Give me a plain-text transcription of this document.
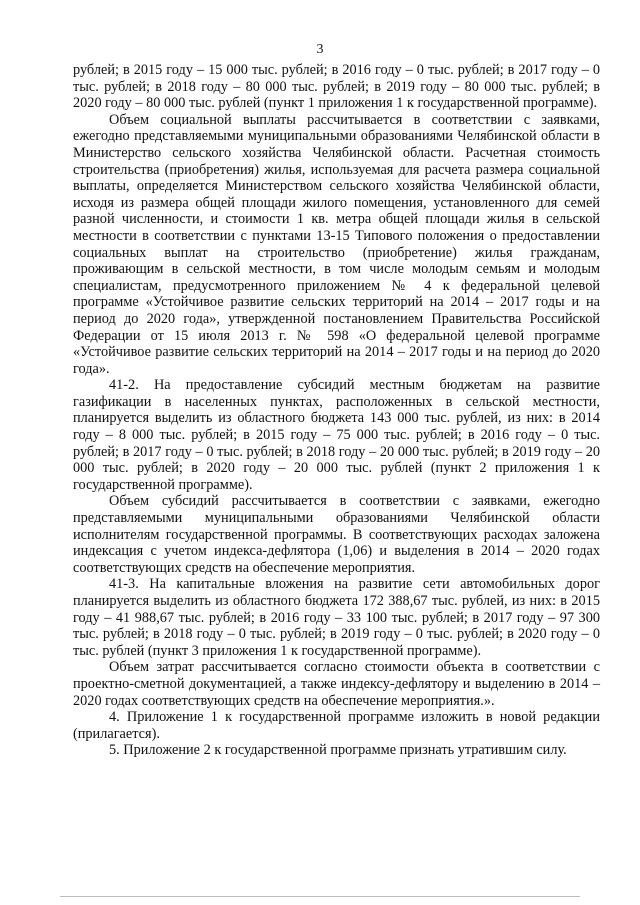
3

рублей; в 2015 году – 15 000 тыс. рублей; в 2016 году – 0 тыс. рублей; в 2017 году – 0 тыс. рублей; в 2018 году – 80 000 тыс. рублей; в 2019 году – 80 000 тыс. рублей; в 2020 году – 80 000 тыс. рублей (пункт 1 приложения 1 к государственной программе).

Объем социальной выплаты рассчитывается в соответствии с заявками, ежегодно представляемыми муниципальными образованиями Челябинской области в Министерство сельского хозяйства Челябинской области. Расчетная стоимость строительства (приобретения) жилья, используемая для расчета размера социальной выплаты, определяется Министерством сельского хозяйства Челябинской области, исходя из размера общей площади жилого помещения, установленного для семей разной численности, и стоимости 1 кв. метра общей площади жилья в сельской местности в соответствии с пунктами 13-15 Типового положения о предоставлении социальных выплат на строительство (приобретение) жилья гражданам, проживающим в сельской местности, в том числе молодым семьям и молодым специалистам, предусмотренного приложением № 4 к федеральной целевой программе «Устойчивое развитие сельских территорий на 2014 – 2017 годы и на период до 2020 года», утвержденной постановлением Правительства Российской Федерации от 15 июля 2013 г. № 598 «О федеральной целевой программе «Устойчивое развитие сельских территорий на 2014 – 2017 годы и на период до 2020 года».

41-2. На предоставление субсидий местным бюджетам на развитие газификации в населенных пунктах, расположенных в сельской местности, планируется выделить из областного бюджета 143 000 тыс. рублей, из них: в 2014 году – 8 000 тыс. рублей; в 2015 году – 75 000 тыс. рублей; в 2016 году – 0 тыс. рублей; в 2017 году – 0 тыс. рублей; в 2018 году – 20 000 тыс. рублей; в 2019 году – 20 000 тыс. рублей; в 2020 году – 20 000 тыс. рублей (пункт 2 приложения 1 к государственной программе).

Объем субсидий рассчитывается в соответствии с заявками, ежегодно представляемыми муниципальными образованиями Челябинской области исполнителям государственной программы. В соответствующих расходах заложена индексация с учетом индекса-дефлятора (1,06) и выделения в 2014 – 2020 годах соответствующих средств на обеспечение мероприятия.

41-3. На капитальные вложения на развитие сети автомобильных дорог планируется выделить из областного бюджета 172 388,67 тыс. рублей, из них: в 2015 году – 41 988,67 тыс. рублей; в 2016 году – 33 100 тыс. рублей; в 2017 году – 97 300 тыс. рублей; в 2018 году – 0 тыс. рублей; в 2019 году – 0 тыс. рублей; в 2020 году – 0 тыс. рублей (пункт 3 приложения 1 к государственной программе).

Объем затрат рассчитывается согласно стоимости объекта в соответствии с проектно-сметной документацией, а также индексу-дефлятору и выделению в 2014 – 2020 годах соответствующих средств на обеспечение мероприятия.».

4. Приложение 1 к государственной программе изложить в новой редакции (прилагается).

5. Приложение 2 к государственной программе признать утратившим силу.
